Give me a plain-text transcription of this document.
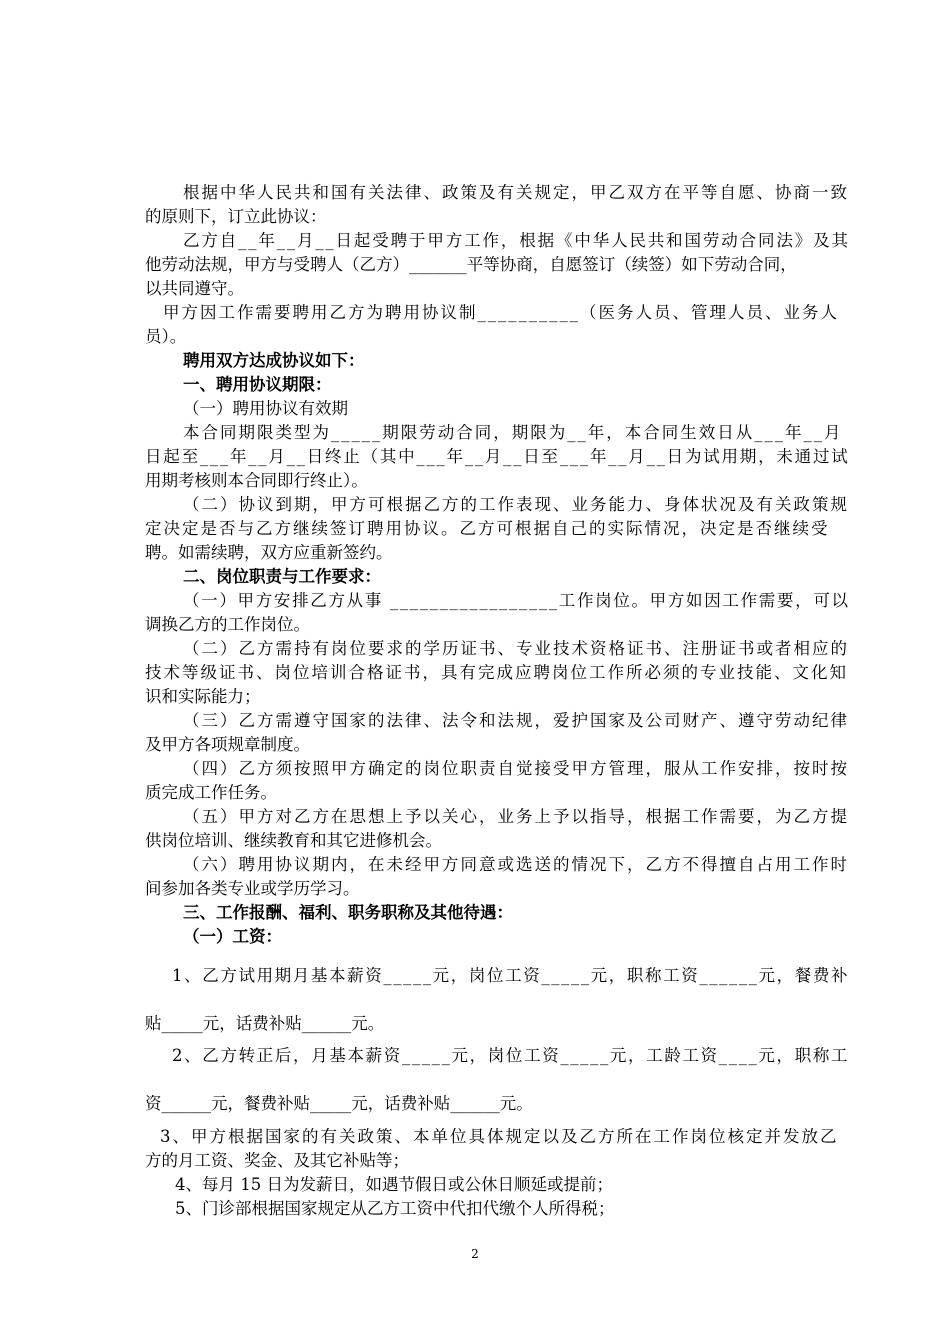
根据中华人民共和国有关法律、政策及有关规定，甲乙双方在平等自愿、协商一致
的原则下，订立此协议：
乙方自__年__月__日起受聘于甲方工作，根据《中华人民共和国劳动合同法》及其
他劳动法规，甲方与受聘人（乙方）_______平等协商，自愿签订（续签）如下劳动合同，
以共同遵守。
甲方因工作需要聘用乙方为聘用协议制__________（医务人员、管理人员、业务人
员）。
聘用双方达成协议如下：
一、聘用协议期限：
（一）聘用协议有效期
本合同期限类型为_____期限劳动合同，期限为__年，本合同生效日从___年__月
日起至___年__月__日终止（其中___年__月__日至___年__月__日为试用期，未通过试
用期考核则本合同即行终止）。
（二）协议到期，甲方可根据乙方的工作表现、业务能力、身体状况及有关政策规
定决定是否与乙方继续签订聘用协议。乙方可根据自己的实际情况，决定是否继续受
聘。如需续聘，双方应重新签约。
二、岗位职责与工作要求：
（一）甲方安排乙方从事 _________________工作岗位。甲方如因工作需要，可以
调换乙方的工作岗位。
（二）乙方需持有岗位要求的学历证书、专业技术资格证书、注册证书或者相应的
技术等级证书、岗位培训合格证书，具有完成应聘岗位工作所必须的专业技能、文化知
识和实际能力；
（三）乙方需遵守国家的法律、法令和法规，爱护国家及公司财产、遵守劳动纪律
及甲方各项规章制度。
（四）乙方须按照甲方确定的岗位职责自觉接受甲方管理，服从工作安排，按时按
质完成工作任务。
（五）甲方对乙方在思想上予以关心，业务上予以指导，根据工作需要，为乙方提
供岗位培训、继续教育和其它进修机会。
（六）聘用协议期内，在未经甲方同意或选送的情况下，乙方不得擅自占用工作时
间参加各类专业或学历学习。
三、工作报酬、福利、职务职称及其他待遇：
（一）工资：
1、乙方试用期月基本薪资_____元，岗位工资_____元，职称工资______元，餐费补
贴_____元，话费补贴______元。
2、乙方转正后，月基本薪资_____元，岗位工资_____元，工龄工资____元，职称工
资______元，餐费补贴_____元，话费补贴______元。
3、甲方根据国家的有关政策、本单位具体规定以及乙方所在工作岗位核定并发放乙
方的月工资、奖金、及其它补贴等；
4、每月 15 日为发薪日，如遇节假日或公休日顺延或提前；
5、门诊部根据国家规定从乙方工资中代扣代缴个人所得税；
2
